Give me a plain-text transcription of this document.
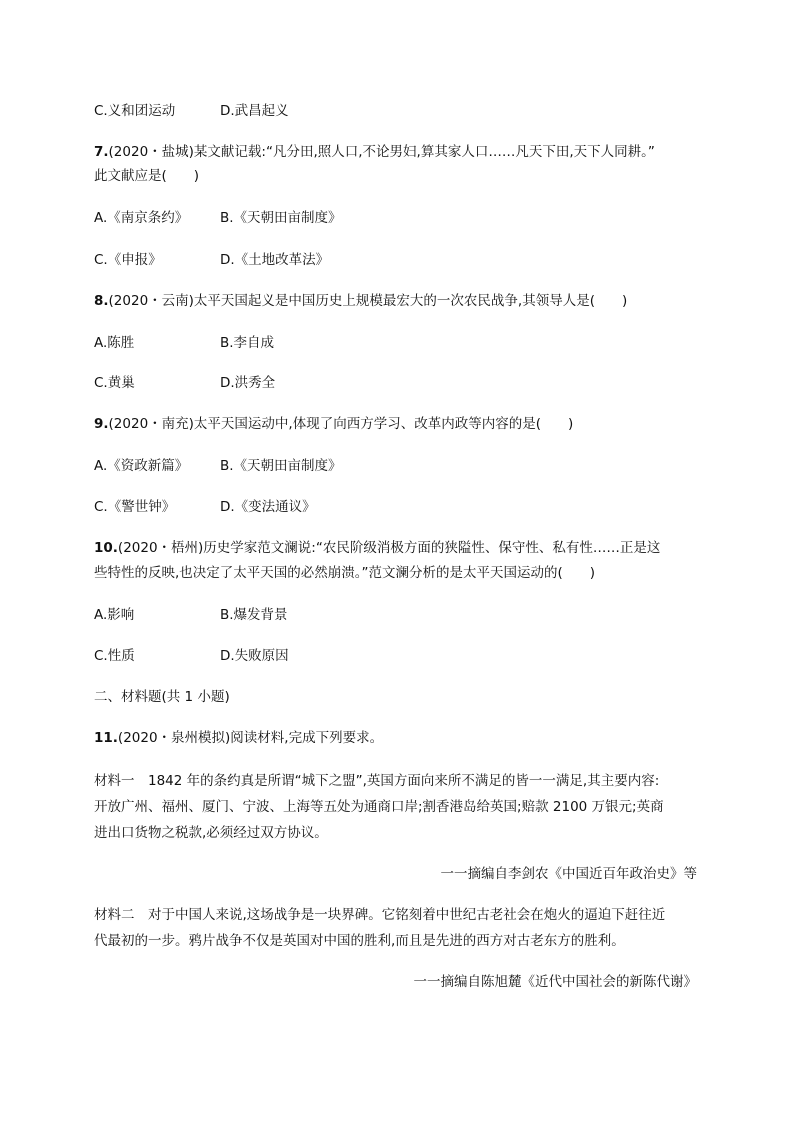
C.义和团运动	D.武昌起义
7.(2020・盐城)某文献记载:“凡分田,照人口,不论男妇,算其家人口……凡天下田,天下人同耕。”
此文献应是(　　)
A.《南京条约》 B.《天朝田亩制度》
C.《申报》	D.《土地改革法》
8.(2020・云南)太平天国起义是中国历史上规模最宏大的一次农民战争,其领导人是(　　)
A.陈胜	B.李自成
C.黄巢	D.洪秀全
9.(2020・南充)太平天国运动中,体现了向西方学习、改革内政等内容的是(　　)
A.《资政新篇》 B.《天朝田亩制度》
C.《警世钟》	D.《变法通议》
10.(2020・梧州)历史学家范文澜说:“农民阶级消极方面的狭隘性、保守性、私有性……正是这
些特性的反映,也决定了太平天国的必然崩溃。”范文澜分析的是太平天国运动的(　　)
A.影响	B.爆发背景
C.性质	D.失败原因
二、材料题(共 1 小题)
11.(2020・泉州模拟)阅读材料,完成下列要求。
材料一　1842 年的条约真是所谓“城下之盟”,英国方面向来所不满足的皆一一满足,其主要内容:
开放广州、福州、厦门、宁波、上海等五处为通商口岸;割香港岛给英国;赔款 2100 万银元;英商
进出口货物之税款,必须经过双方协议。
一一摘编自李剑农《中国近百年政治史》等
材料二　对于中国人来说,这场战争是一块界碑。它铭刻着中世纪古老社会在炮火的逼迫下赶往近
代最初的一步。鸦片战争不仅是英国对中国的胜利,而且是先进的西方对古老东方的胜利。
一一摘编自陈旭麓《近代中国社会的新陈代谢》
